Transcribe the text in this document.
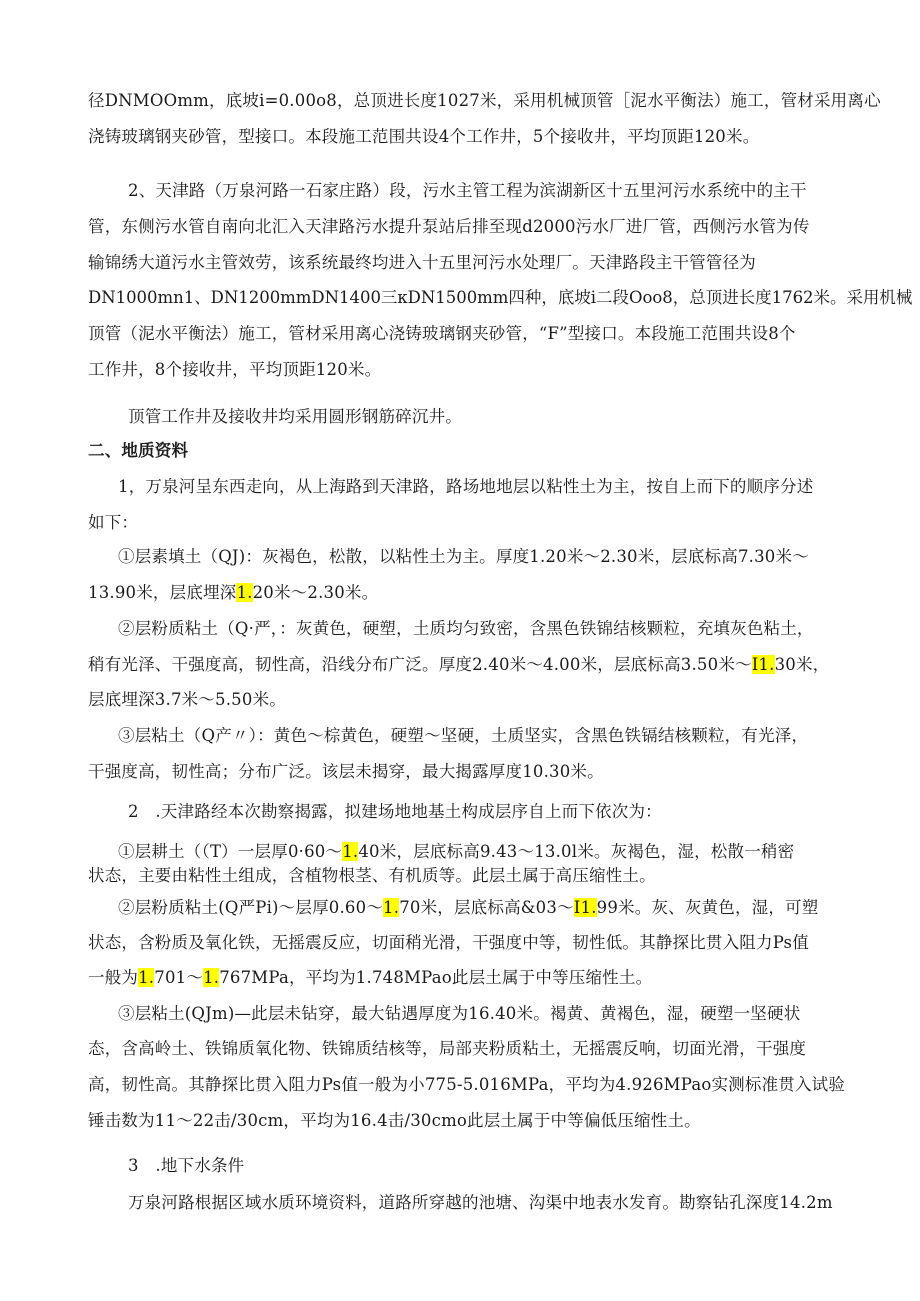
径DNMOOmm，底坡i=0.00o8，总顶进长度1027米，采用机械顶管［泥水平衡法）施工，管材采用离心
浇铸玻璃钢夹砂管，型接口。本段施工范围共设4个工作井，5个接收井，平均顶距120米。
2、天津路（万泉河路一石家庄路）段，污水主管工程为滨湖新区十五里河污水系统中的主干
管，东侧污水管自南向北汇入天津路污水提升泵站后排至现d2000污水厂进厂管，西侧污水管为传
输锦绣大道污水主管效劳，该系统最终均进入十五里河污水处理厂。天津路段主干管管径为
DN1000mn1、DN1200mmDN1400三κDN1500mm四种，底坡i二段Ooo8，总顶进长度1762米。采用机械
顶管（泥水平衡法）施工，管材采用离心浇铸玻璃钢夹砂管，“F”型接口。本段施工范围共设8个
工作井，8个接收井，平均顶距120米。
顶管工作井及接收井均采用圆形钢筋碎沉井。
二、地质资料
1，万泉河呈东西走向，从上海路到天津路，路场地地层以粘性土为主，按自上而下的顺序分述
如下：
①层素填土（QJ)：灰褐色，松散，以粘性土为主。厚度1.20米～2.30米，层底标高7.30米～
13.90米，层底埋深1.20米～2.30米。
②层粉质粘土（Q·严，：灰黄色，硬塑，土质均匀致密，含黑色铁锦结核颗粒，充填灰色粘土，
稍有光泽、干强度高，韧性高，沿线分布广泛。厚度2.40米～4.00米，层底标高3.50米～I1.30米，
层底埋深3.7米～5.50米。
③层粘土（Q产〃）：黄色～棕黄色，硬塑～坚硬，土质坚实，含黑色铁镉结核颗粒，有光泽，
干强度高，韧性高；分布广泛。该层未揭穿，最大揭露厚度10.30米。
2　.天津路经本次勘察揭露，拟建场地地基土构成层序自上而下依次为：
①层耕土（（T）一层厚0·60～1.40米，层底标高9.43～13.0l米。灰褐色，湿，松散一稍密
状态，主要由粘性土组成，含植物根茎、有机质等。此层土属于高压缩性土。
②层粉质粘土(Q严Pi)～层厚0.60～1.70米，层底标高&03～I1.99米。灰、灰黄色，湿，可塑
状态，含粉质及氧化铁，无摇震反应，切面稍光滑，干强度中等，韧性低。其静探比贯入阻力Ps值
一般为1.701～1.767MPa，平均为1.748MPao此层土属于中等压缩性土。
③层粘土(QJm)—此层未钻穿，最大钻遇厚度为16.40米。褐黄、黄褐色，湿，硬塑一坚硬状
态，含高岭土、铁锦质氧化物、铁锦质结核等，局部夹粉质粘土，无摇震反响，切面光滑，干强度
高，韧性高。其静探比贯入阻力Ps值一般为小775-5.016MPa，平均为4.926MPao实测标准贯入试验
锤击数为11～22击/30cm，平均为16.4击/30cmo此层土属于中等偏低压缩性土。
3　.地下水条件
万泉河路根据区域水质环境资料，道路所穿越的池塘、沟渠中地表水发育。勘察钻孔深度14.2m
